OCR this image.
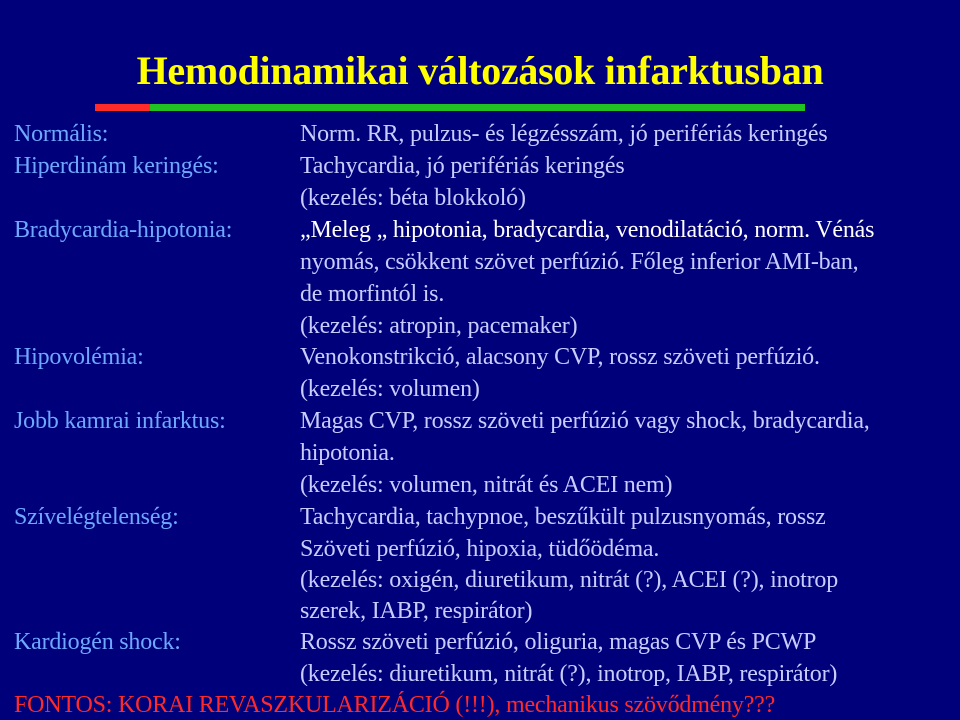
Hemodinamikai változások infarktusban
Normális:
Hiperdinám keringés:
Bradycardia-hipotonia:
Hipovolémia:
Jobb kamrai infarktus:
Szívelégtelenség:
Kardiogén shock:
Norm. RR, pulzus- és légzésszám, jó perifériás keringés
Tachycardia, jó perifériás keringés
(kezelés: béta blokkoló)
„Meleg „ hipotonia, bradycardia, venodilatáció, norm. Vénás
nyomás, csökkent szövet perfúzió. Főleg inferior AMI-ban,
de morfintól is.
(kezelés: atropin, pacemaker)
Venokonstrikció, alacsony CVP, rossz szöveti perfúzió.
(kezelés: volumen)
Magas CVP, rossz szöveti perfúzió vagy shock, bradycardia,
hipotonia.
(kezelés: volumen, nitrát és ACEI nem)
Tachycardia, tachypnoe, beszűkült pulzusnyomás, rossz
Szöveti perfúzió, hipoxia, tüdőödéma.
(kezelés: oxigén, diuretikum, nitrát (?), ACEI (?), inotrop
szerek, IABP, respirátor)
Rossz szöveti perfúzió, oliguria, magas CVP és PCWP
(kezelés: diuretikum, nitrát (?), inotrop, IABP, respirátor)
FONTOS: KORAI REVASZKULARIZÁCIÓ (!!!), mechanikus szövődmény???
